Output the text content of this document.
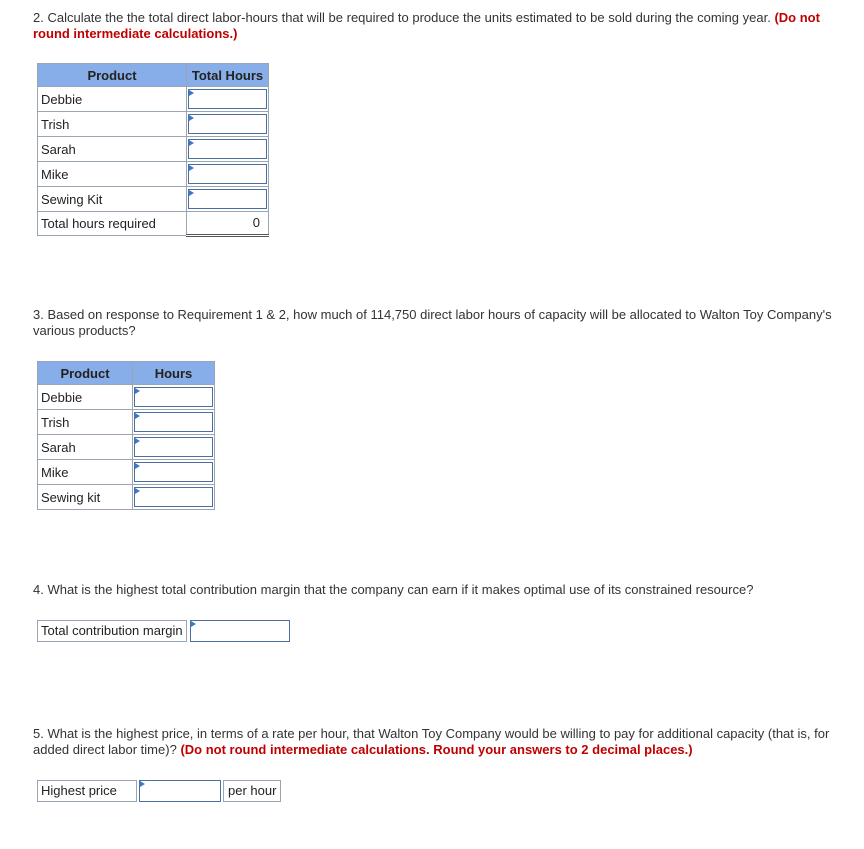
2. Calculate the the total direct labor-hours that will be required to produce the units estimated to be sold during the coming year. (Do not round intermediate calculations.)
Product	Total Hours
Debbie	

Trish	

Sarah	

Mike	

Sewing Kit	

Total hours required	0
3. Based on response to Requirement 1 & 2, how much of 114,750 direct labor hours of capacity will be allocated to Walton Toy Company's various products?
Product	Hours
Debbie	

Trish	

Sarah	

Mike	

Sewing kit	
4. What is the highest total contribution margin that the company can earn if it makes optimal use of its constrained resource?
Total contribution margin
5. What is the highest price, in terms of a rate per hour, that Walton Toy Company would be willing to pay for additional capacity (that is, for added direct labor time)? (Do not round intermediate calculations. Round your answers to 2 decimal places.)
Highest price	per hour
